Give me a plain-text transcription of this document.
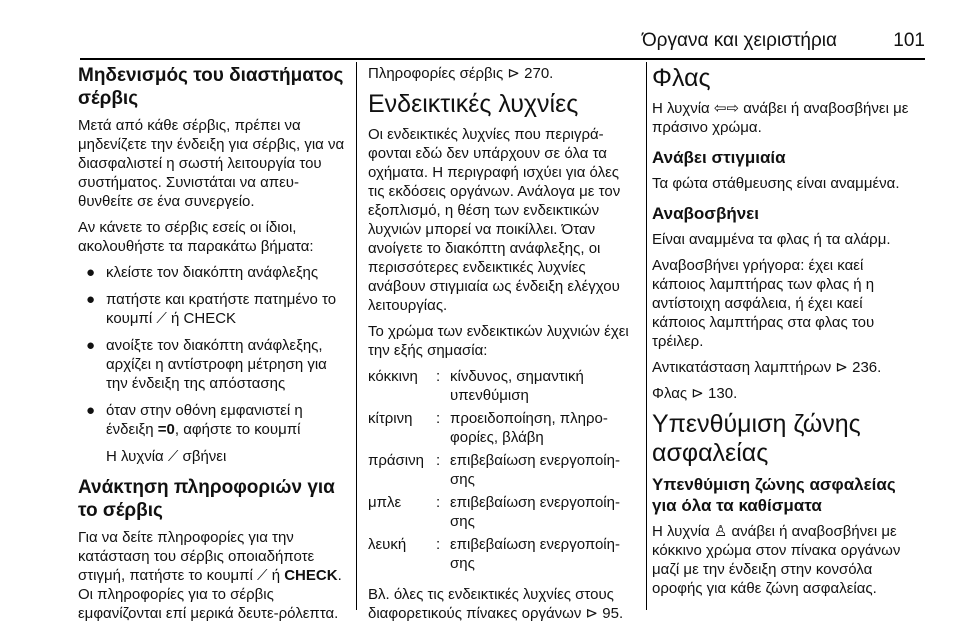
Όργανα και χειριστήρια	101
Μηδενισμός του διαστήματος σέρβις

Μετά από κάθε σέρβις, πρέπει να μηδενίζετε την ένδειξη για σέρβις, για να διασφαλιστεί η σωστή λειτουργία του συστήματος. Συνιστάται να απευ-θυνθείτε σε ένα συνεργείο.

Αν κάνετε το σέρβις εσείς οι ίδιοι, ακολουθήστε τα παρακάτω βήματα:

● κλείστε τον διακόπτη ανάφλεξης
● πατήστε και κρατήστε πατημένο το κουμπί ⟋ ή CHECK
● ανοίξτε τον διακόπτη ανάφλεξης, αρχίζει η αντίστροφη μέτρηση για την ένδειξη της απόστασης
● όταν στην οθόνη εμφανιστεί η ένδειξη =0, αφήστε το κουμπί

Η λυχνία ⟋ σβήνει

Ανάκτηση πληροφοριών για το σέρβις

Για να δείτε πληροφορίες για την κατάσταση του σέρβις οποιαδήποτε στιγμή, πατήστε το κουμπί ⟋ ή CHECK. Οι πληροφορίες για το σέρβις εμφανίζονται επί μερικά δευτε-ρόλεπτα.

Πληροφορίες σέρβις ⊳ 270.

Ενδεικτικές λυχνίες

Οι ενδεικτικές λυχνίες που περιγρά-φονται εδώ δεν υπάρχουν σε όλα τα οχήματα. Η περιγραφή ισχύει για όλες τις εκδόσεις οργάνων. Ανάλογα με τον εξοπλισμό, η θέση των ενδεικτικών λυχνιών μπορεί να ποικίλλει. Όταν ανοίγετε το διακόπτη ανάφλεξης, οι περισσότερες ενδεικτικές λυχνίες ανάβουν στιγμιαία ως ένδειξη ελέγχου λειτουργίας.

Το χρώμα των ενδεικτικών λυχνιών έχει την εξής σημασία:

κόκκινη	:	κίνδυνος, σημαντική υπενθύμιση
κίτρινη	:	προειδοποίηση, πληρο-φορίες, βλάβη
πράσινη	:	επιβεβαίωση ενεργοποίη-σης
μπλε	:	επιβεβαίωση ενεργοποίη-σης
λευκή	:	επιβεβαίωση ενεργοποίη-σης

Βλ. όλες τις ενδεικτικές λυχνίες στους διαφορετικούς πίνακες οργάνων ⊳ 95.

Φλας

Η λυχνία ⇦⇨ ανάβει ή αναβοσβήνει με πράσινο χρώμα.

Ανάβει στιγμιαία

Τα φώτα στάθμευσης είναι αναμμένα.

Αναβοσβήνει

Είναι αναμμένα τα φλας ή τα αλάρμ.

Αναβοσβήνει γρήγορα: έχει καεί κάποιος λαμπτήρας των φλας ή η αντίστοιχη ασφάλεια, ή έχει καεί κάποιος λαμπτήρας στα φλας του τρέιλερ.

Αντικατάσταση λαμπτήρων ⊳ 236.

Φλας ⊳ 130.

Υπενθύμιση ζώνης ασφαλείας
Υπενθύμιση ζώνης ασφαλείας για όλα τα καθίσματα

Η λυχνία ♙ ανάβει ή αναβοσβήνει με κόκκινο χρώμα στον πίνακα οργάνων μαζί με την ένδειξη στην κονσόλα οροφής για κάθε ζώνη ασφαλείας.
